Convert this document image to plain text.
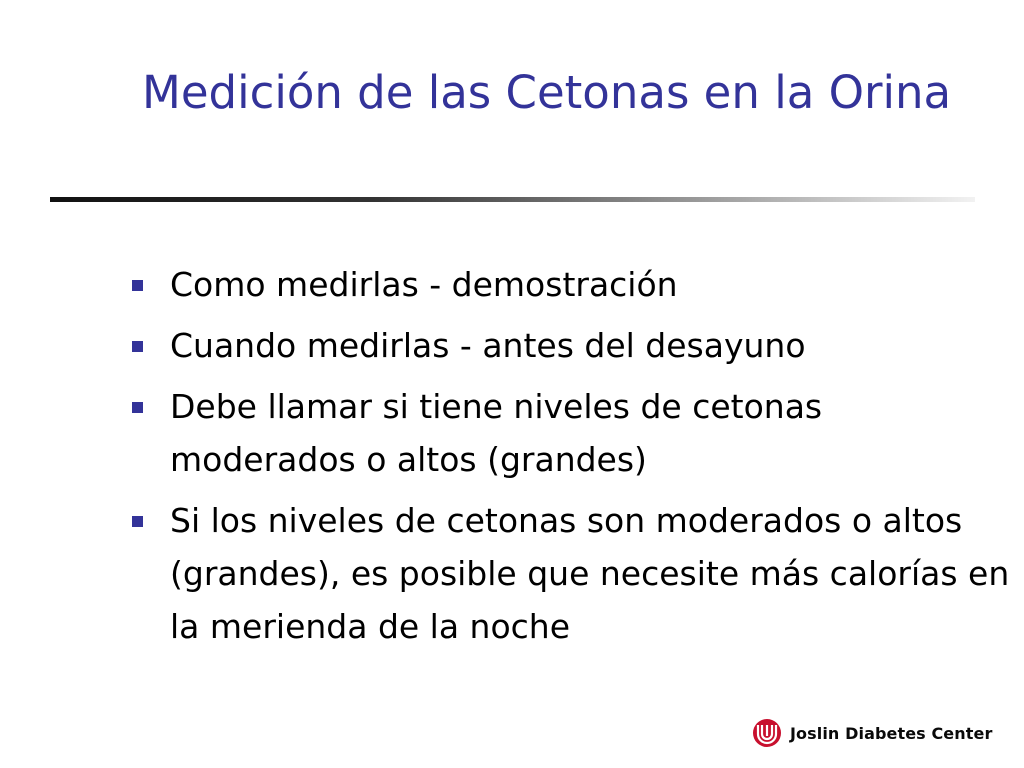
Medición de las Cetonas en la Orina
Como medirlas - demostración
Cuando medirlas - antes del desayuno
Debe llamar si tiene niveles de cetonas moderados o altos (grandes)
Si los niveles de cetonas son moderados o altos (grandes), es posible que necesite más calorías en la merienda de la noche
Joslin Diabetes Center
